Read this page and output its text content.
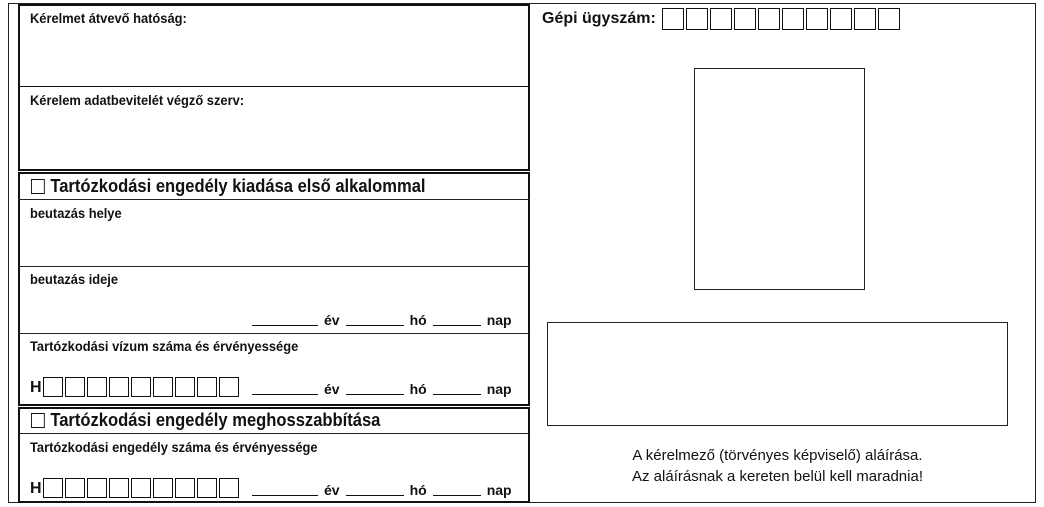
Kérelmet átvevő hatóság:
Kérelem adatbevitelét végző szerv:
Tartózkodási engedély kiadása első alkalommal
beutazás helye
beutazás ideje
év	hó	nap
Tartózkodási vízum száma és érvényessége
H	év	hó	nap
Tartózkodási engedély meghosszabbítása
Tartózkodási engedély száma és érvényessége
H	év	hó	nap
Gépi ügyszám:
A kérelmező (törvényes képviselő) aláírása.
Az aláírásnak a kereten belül kell maradnia!
